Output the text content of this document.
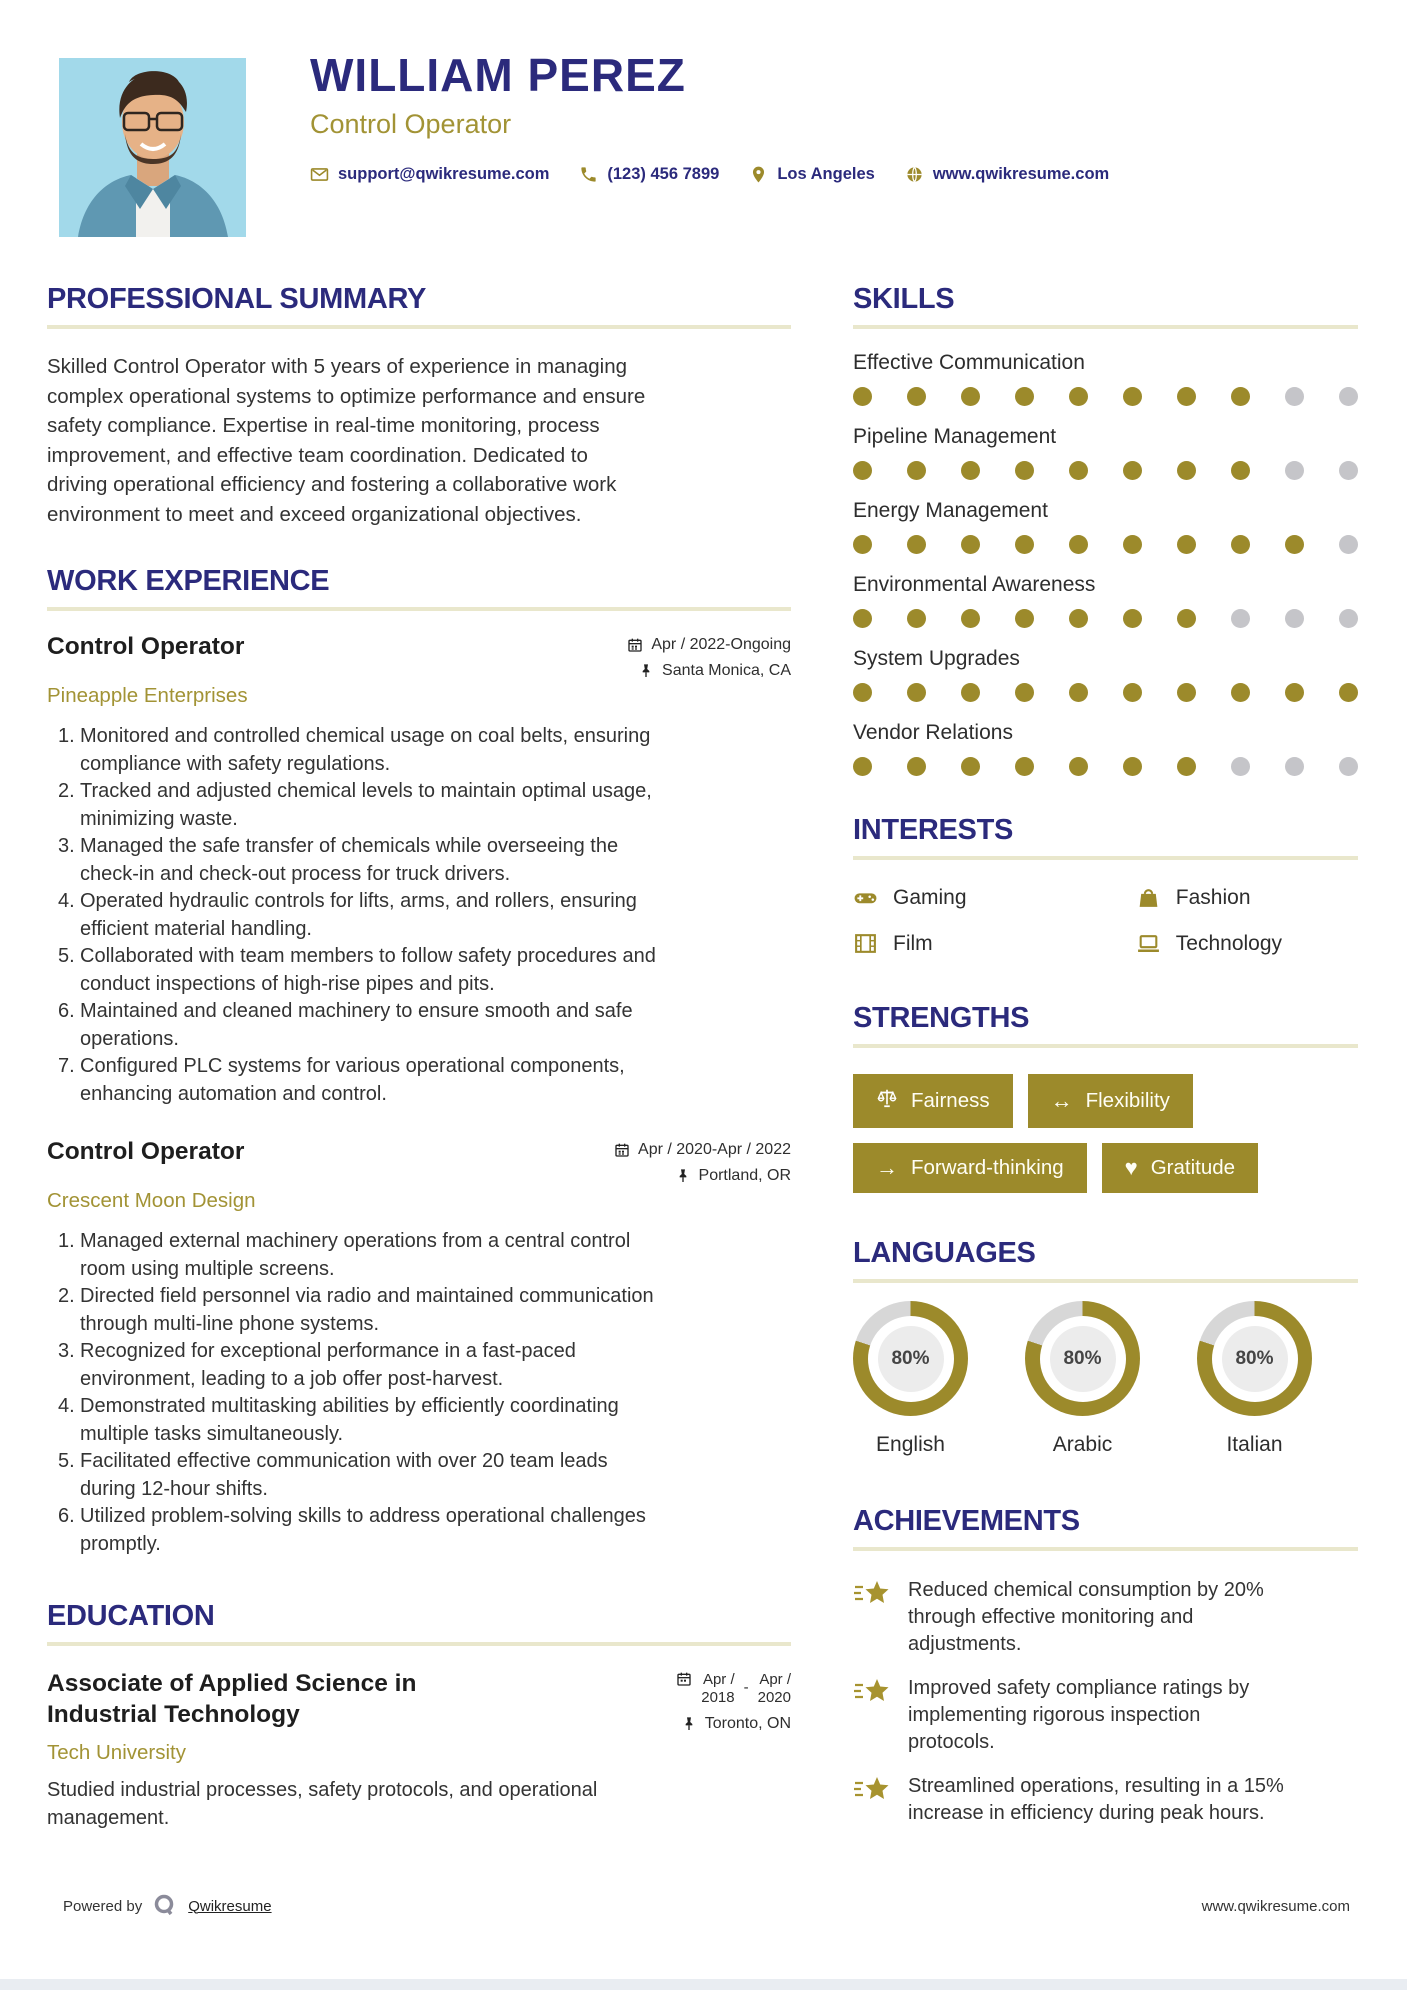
WILLIAM PEREZ
Control Operator
support@qwikresume.com	(123) 456 7899	Los Angeles	www.qwikresume.com
PROFESSIONAL SUMMARY

Skilled Control Operator with 5 years of experience in managing complex operational systems to optimize performance and ensure safety compliance. Expertise in real-time monitoring, process improvement, and effective team coordination. Dedicated to driving operational efficiency and fostering a collaborative work environment to meet and exceed organizational objectives.

WORK EXPERIENCE
Control Operator	Apr / 2022-Ongoing
Santa Monica, CA
Pineapple Enterprises
Monitored and controlled chemical usage on coal belts, ensuring compliance with safety regulations.
Tracked and adjusted chemical levels to maintain optimal usage, minimizing waste.
Managed the safe transfer of chemicals while overseeing the check-in and check-out process for truck drivers.
Operated hydraulic controls for lifts, arms, and rollers, ensuring efficient material handling.
Collaborated with team members to follow safety procedures and conduct inspections of high-rise pipes and pits.
Maintained and cleaned machinery to ensure smooth and safe operations.
Configured PLC systems for various operational components, enhancing automation and control.
Control Operator	Apr / 2020-Apr / 2022
Portland, OR
Crescent Moon Design
Managed external machinery operations from a central control room using multiple screens.
Directed field personnel via radio and maintained communication through multi-line phone systems.
Recognized for exceptional performance in a fast-paced environment, leading to a job offer post-harvest.
Demonstrated multitasking abilities by efficiently coordinating multiple tasks simultaneously.
Facilitated effective communication with over 20 team leads during 12-hour shifts.
Utilized problem-solving skills to address operational challenges promptly.
EDUCATION
Associate of Applied Science in Industrial Technology
Apr /
2018
- Apr /
2020
Toronto, ON
Tech University

Studied industrial processes, safety protocols, and operational management.

SKILLS
Effective Communication
Pipeline Management
Energy Management
Environmental Awareness
System Upgrades
Vendor Relations
INTERESTS
Gaming	Fashion
Film	Technology
STRENGTHS
Fairness	↔ Flexibility
→ Forward-thinking	♥ Gratitude
LANGUAGES
80%
English
80%
Arabic
80%
Italian
ACHIEVEMENTS
Reduced chemical consumption by 20% through effective monitoring and adjustments.
Improved safety compliance ratings by implementing rigorous inspection protocols.
Streamlined operations, resulting in a 15% increase in efficiency during peak hours.
Powered by	Qwikresume	www.qwikresume.com
